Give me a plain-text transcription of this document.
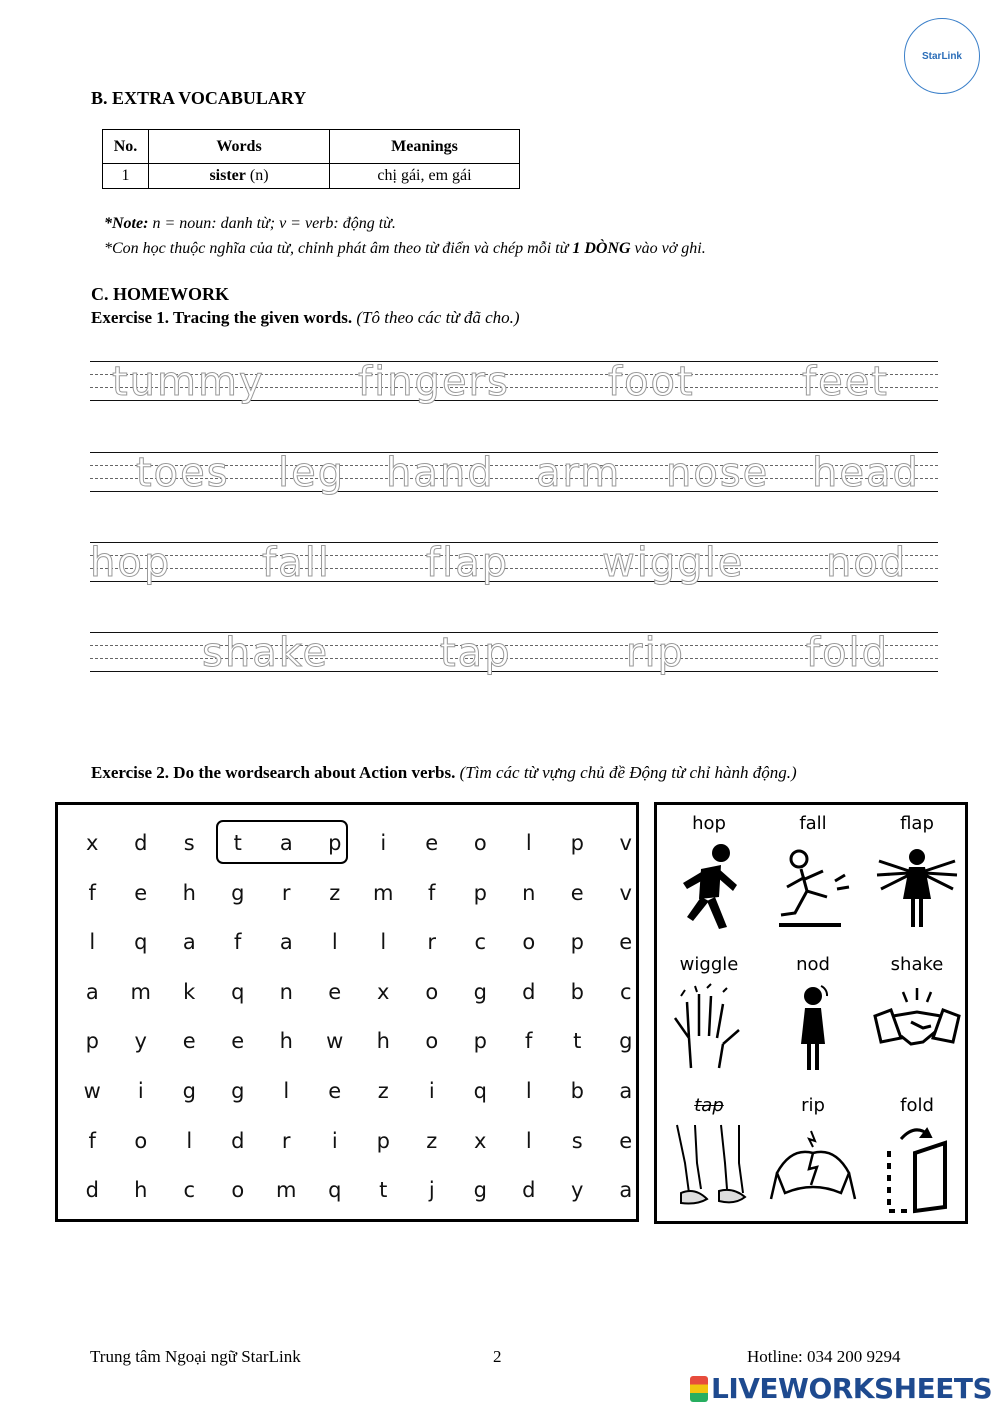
StarLink
B. EXTRA VOCABULARY
No.	Words	Meanings
1	sister (n)	chị gái, em gái
*Note: n = noun: danh từ; v = verb: động từ.
*Con học thuộc nghĩa của từ, chỉnh phát âm theo từ điển và chép mỗi từ 1 DÒNG vào vở ghi.
C. HOMEWORK
Exercise 1. Tracing the given words. (Tô theo các từ đã cho.)
tummy fingers foot	feet
toes leg hand arm nose head
hop fall flap wiggle nod
shake	tap	rip	fold
Exercise 2. Do the wordsearch about Action verbs. (Tìm các từ vựng chủ đề Động từ chỉ hành động.)
x	d	s	t	a	p	i	e	o	l	p	v
f	e	h	g	r	z	m	f	p	n	e	v
l	q	a	f	a	l	l	r	c	o	p	e
a	m	k	q	n	e	x	o	g	d	b	c
p	y	e	e	h	w	h	o	p	f	t	g
w	i	g	g	l	e	z	i	q	l	b	a
f	o	l	d	r	i	p	z	x	l	s	e
d	h	c	o	m	q	t	j	g	d	y	a
hop	fall	flap
wiggle	nod	shake
tap	rip	fold
Trung tâm Ngoại ngữ StarLink	2	Hotline: 034 200 9294
LIVEWORKSHEETS
